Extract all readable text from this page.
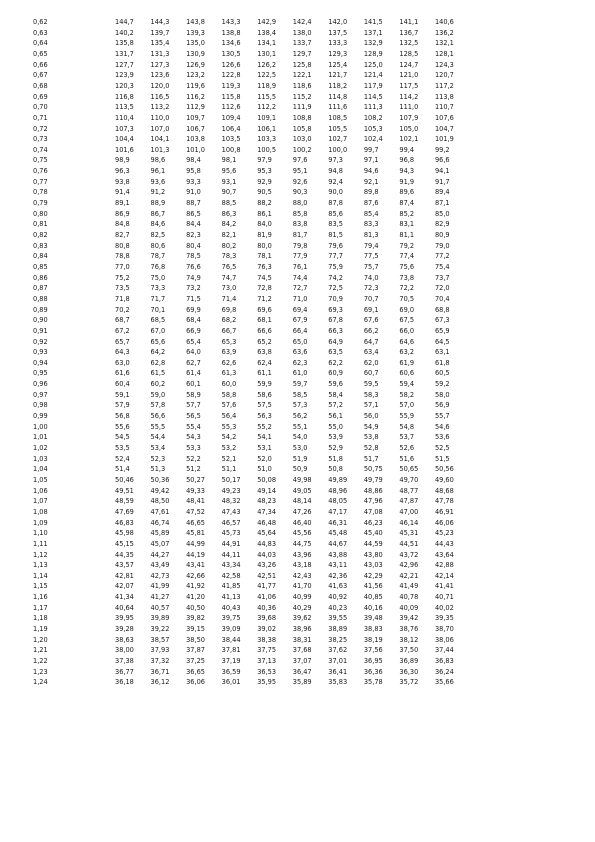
0,62	144,7	144,3	143,8	143,3	142,9	142,4	142,0	141,5	141,1	140,6
0,63	140,2	139,7	139,3	138,8	138,4	138,0	137,5	137,1	136,7	136,2
0,64	135,8	135,4	135,0	134,6	134,1	133,7	133,3	132,9	132,5	132,1
0,65	131,7	131,3	130,9	130,5	130,1	129,7	129,3	128,9	128,5	128,1
0,66	127,7	127,3	126,9	126,6	126,2	125,8	125,4	125,0	124,7	124,3
0,67	123,9	123,6	123,2	122,8	122,5	122,1	121,7	121,4	121,0	120,7
0,68	120,3	120,0	119,6	119,3	118,9	118,6	118,2	117,9	117,5	117,2
0,69	116,8	116,5	116,2	115,8	115,5	115,2	114,8	114,5	114,2	113,8
0,70	113,5	113,2	112,9	112,6	112,2	111,9	111,6	111,3	111,0	110,7
0,71	110,4	110,0	109,7	109,4	109,1	108,8	108,5	108,2	107,9	107,6
0,72	107,3	107,0	106,7	106,4	106,1	105,8	105,5	105,3	105,0	104,7
0,73	104,4	104,1	103,8	103,5	103,3	103,0	102,7	102,4	102,1	101,9
0,74	101,6	101,3	101,0	100,8	100,5	100,2	100,0	99,7	99,4	99,2
0,75	98,9	98,6	98,4	98,1	97,9	97,6	97,3	97,1	96,8	96,6
0,76	96,3	96,1	95,8	95,6	95,3	95,1	94,8	94,6	94,3	94,1
0,77	93,8	93,6	93,3	93,1	92,9	92,6	92,4	92,1	91,9	91,7
0,78	91,4	91,2	91,0	90,7	90,5	90,3	90,0	89,8	89,6	89,4
0,79	89,1	88,9	88,7	88,5	88,2	88,0	87,8	87,6	87,4	87,1
0,80	86,9	86,7	86,5	86,3	86,1	85,8	85,6	85,4	85,2	85,0
0,81	84,8	84,6	84,4	84,2	84,0	83,8	83,5	83,3	83,1	82,9
0,82	82,7	82,5	82,3	82,1	81,9	81,7	81,5	81,3	81,1	80,9
0,83	80,8	80,6	80,4	80,2	80,0	79,8	79,6	79,4	79,2	79,0
0,84	78,8	78,7	78,5	78,3	78,1	77,9	77,7	77,5	77,4	77,2
0,85	77,0	76,8	76,6	76,5	76,3	76,1	75,9	75,7	75,6	75,4
0,86	75,2	75,0	74,9	74,7	74,5	74,4	74,2	74,0	73,8	73,7
0,87	73,5	73,3	73,2	73,0	72,8	72,7	72,5	72,3	72,2	72,0
0,88	71,8	71,7	71,5	71,4	71,2	71,0	70,9	70,7	70,5	70,4
0,89	70,2	70,1	69,9	69,8	69,6	69,4	69,3	69,1	69,0	68,8
0,90	68,7	68,5	68,4	68,2	68,1	67,9	67,8	67,6	67,5	67,3
0,91	67,2	67,0	66,9	66,7	66,6	66,4	66,3	66,2	66,0	65,9
0,92	65,7	65,6	65,4	65,3	65,2	65,0	64,9	64,7	64,6	64,5
0,93	64,3	64,2	64,0	63,9	63,8	63,6	63,5	63,4	63,2	63,1
0,94	63,0	62,8	62,7	62,6	62,4	62,3	62,2	62,0	61,9	61,8
0,95	61,6	61,5	61,4	61,3	61,1	61,0	60,9	60,7	60,6	60,5
0,96	60,4	60,2	60,1	60,0	59,9	59,7	59,6	59,5	59,4	59,2
0,97	59,1	59,0	58,9	58,8	58,6	58,5	58,4	58,3	58,2	58,0
0,98	57,9	57,8	57,7	57,6	57,5	57,3	57,2	57,1	57,0	56,9
0,99	56,8	56,6	56,5	56,4	56,3	56,2	56,1	56,0	55,9	55,7
1,00	55,6	55,5	55,4	55,3	55,2	55,1	55,0	54,9	54,8	54,6
1,01	54,5	54,4	54,3	54,2	54,1	54,0	53,9	53,8	53,7	53,6
1,02	53,5	53,4	53,3	53,2	53,1	53,0	52,9	52,8	52,6	52,5
1,03	52,4	52,3	52,2	52,1	52,0	51,9	51,8	51,7	51,6	51,5
1,04	51,4	51,3	51,2	51,1	51,0	50,9	50,8	50,75	50,65	50,56
1,05	50,46	50,36	50,27	50,17	50,08	49,98	49,89	49,79	49,70	49,60
1,06	49,51	49,42	49,33	49,23	49,14	49,05	48,96	48,86	48,77	48,68
1,07	48,59	48,50	48,41	48,32	48,23	48,14	48,05	47,96	47,87	47,78
1,08	47,69	47,61	47,52	47,43	47,34	47,26	47,17	47,08	47,00	46,91
1,09	46,83	46,74	46,65	46,57	46,48	46,40	46,31	46,23	46,14	46,06
1,10	45,98	45,89	45,81	45,73	45,64	45,56	45,48	45,40	45,31	45,23
1,11	45,15	45,07	44,99	44,91	44,83	44,75	44,67	44,59	44,51	44,43
1,12	44,35	44,27	44,19	44,11	44,03	43,96	43,88	43,80	43,72	43,64
1,13	43,57	43,49	43,41	43,34	43,26	43,18	43,11	43,03	42,96	42,88
1,14	42,81	42,73	42,66	42,58	42,51	42,43	42,36	42,29	42,21	42,14
1,15	42,07	41,99	41,92	41,85	41,77	41,70	41,63	41,56	41,49	41,41
1,16	41,34	41,27	41,20	41,13	41,06	40,99	40,92	40,85	40,78	40,71
1,17	40,64	40,57	40,50	40,43	40,36	40,29	40,23	40,16	40,09	40,02
1,18	39,95	39,89	39,82	39,75	39,68	39,62	39,55	39,48	39,42	39,35
1,19	39,28	39,22	39,15	39,09	39,02	38,96	38,89	38,83	38,76	38,70
1,20	38,63	38,57	38,50	38,44	38,38	38,31	38,25	38,19	38,12	38,06
1,21	38,00	37,93	37,87	37,81	37,75	37,68	37,62	37,56	37,50	37,44
1,22	37,38	37,32	37,25	37,19	37,13	37,07	37,01	36,95	36,89	36,83
1,23	36,77	36,71	36,65	36,59	36,53	36,47	36,41	36,36	36,30	36,24
1,24	36,18	36,12	36,06	36,01	35,95	35,89	35,83	35,78	35,72	35,66
